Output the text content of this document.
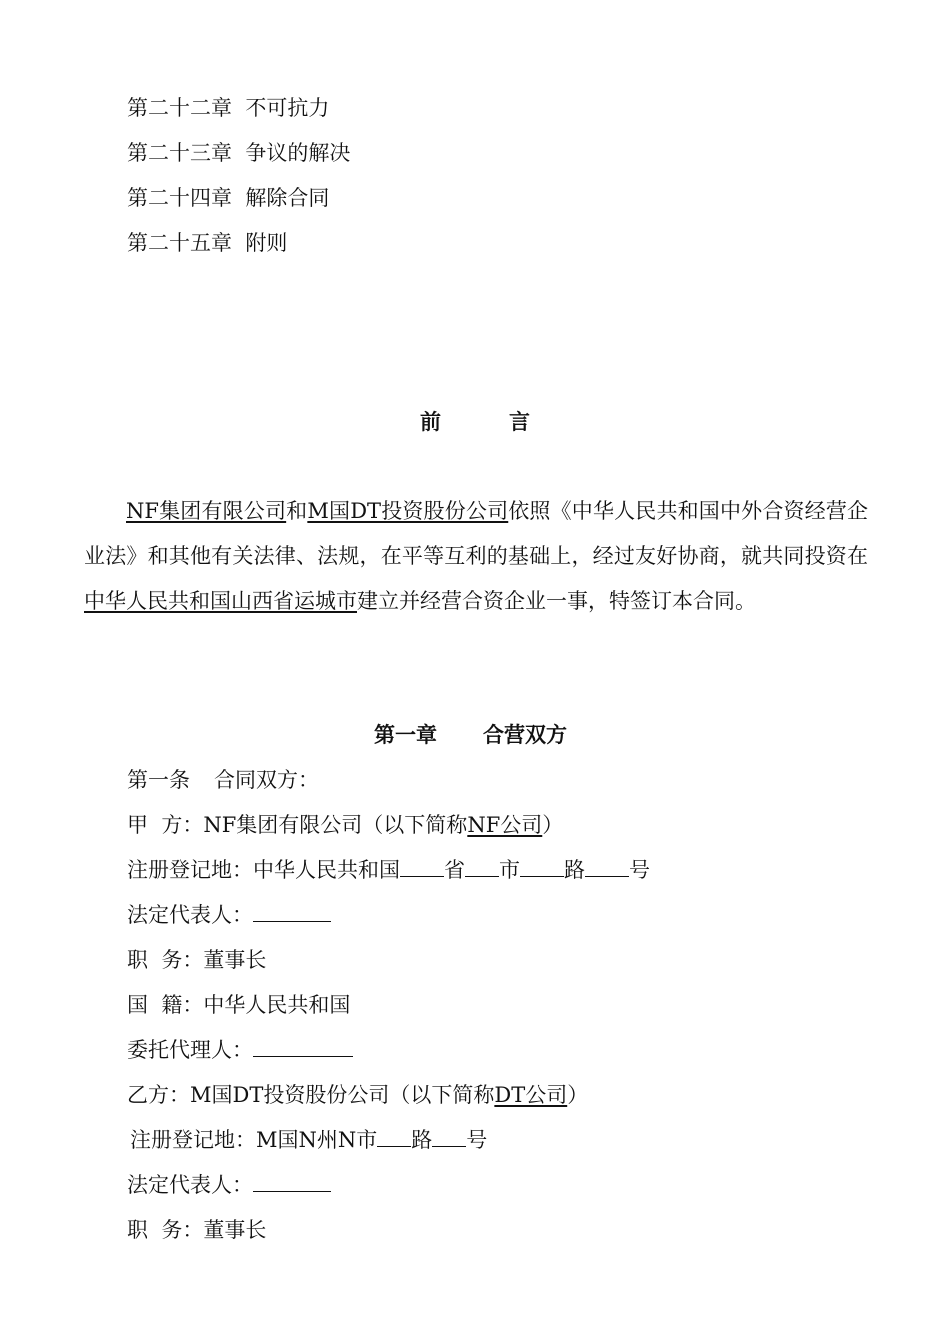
第二十二章 不可抗力
第二十三章 争议的解决
第二十四章 解除合同
第二十五章 附则
前	言
NF集团有限公司和M国DT投资股份公司依照《中华人民共和国中外合资经营企业法》和其他有关法律、法规，在平等互利的基础上，经过友好协商，就共同投资在中华人民共和国山西省运城市建立并经营合资企业一事，特签订本合同。
第一章 合营双方
第一条 合同双方：
甲  方：NF集团有限公司（以下简称NF公司）
注册登记地：中华人民共和国 省 市 路 号
法定代表人：
职  务：董事长
国  籍：中华人民共和国
委托代理人：
乙方：M国DT投资股份公司（以下简称DT公司）
注册登记地：M国N州N市 路 号
法定代表人：
职  务：董事长
